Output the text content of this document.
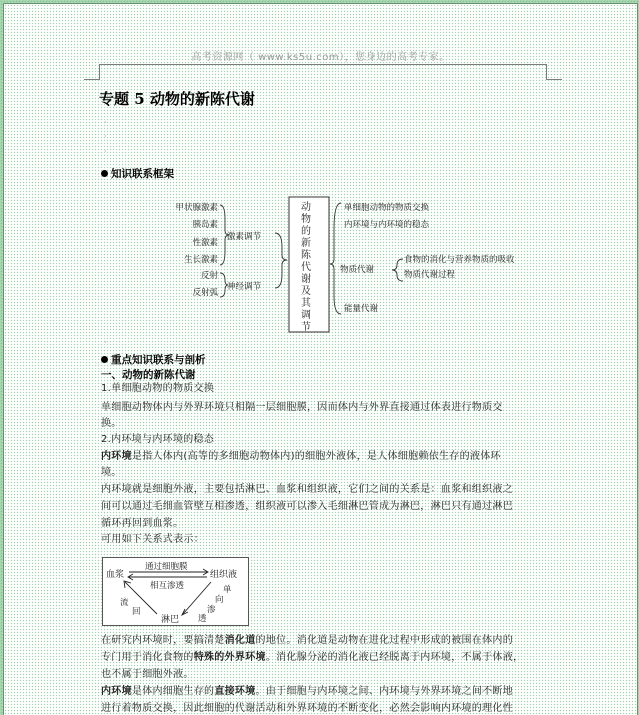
高考资源网（ www.ks5u.com），您身边的高考专家。
专题 5 动物的新陈代谢
·
·
·
知识联系框架
甲状腺激素
胰岛素
性激素
生长激素
反射
反射弧
激素调节
神经调节
单细胞动物的物质交换
内环境与内环境的稳态
物质代谢
能量代谢
食物的消化与营养物质的吸收
物质代谢过程
动
物
的
新
陈
代
谢
及
其
调
节
·
重点知识联系与剖析
一、动物的新陈代谢
1.单细胞动物的物质交换
单细胞动物体内与外界环境只相隔一层细胞膜，因而体内与外界直接通过体表进行物质交
换。
2.内环境与内环境的稳态
内环境是指人体内(高等的多细胞动物体内)的细胞外液体，是人体细胞赖依生存的液体环
境。
内环境就是细胞外液，主要包括淋巴、血浆和组织液，它们之间的关系是：血浆和组织液之
间可以通过毛细血管壁互相渗透，组织液可以渗入毛细淋巴管成为淋巴，淋巴只有通过淋巴
循环再回到血浆。
可用如下关系式表示：
血浆	组织液
淋巴
通过细胞膜
相互渗透
流
回
单
向
渗
透
在研究内环境时，要搞清楚消化道的地位。消化道是动物在进化过程中形成的被围在体内的
专门用于消化食物的特殊的外界环境。消化腺分泌的消化液已经脱离于内环境，不属于体液，
也不属于细胞外液。
内环境是体内细胞生存的直接环境。由于细胞与内环境之间、内环境与外界环境之间不断地
进行着物质交换，因此细胞的代谢活动和外界环境的不断变化，必然会影响内环境的理化性
